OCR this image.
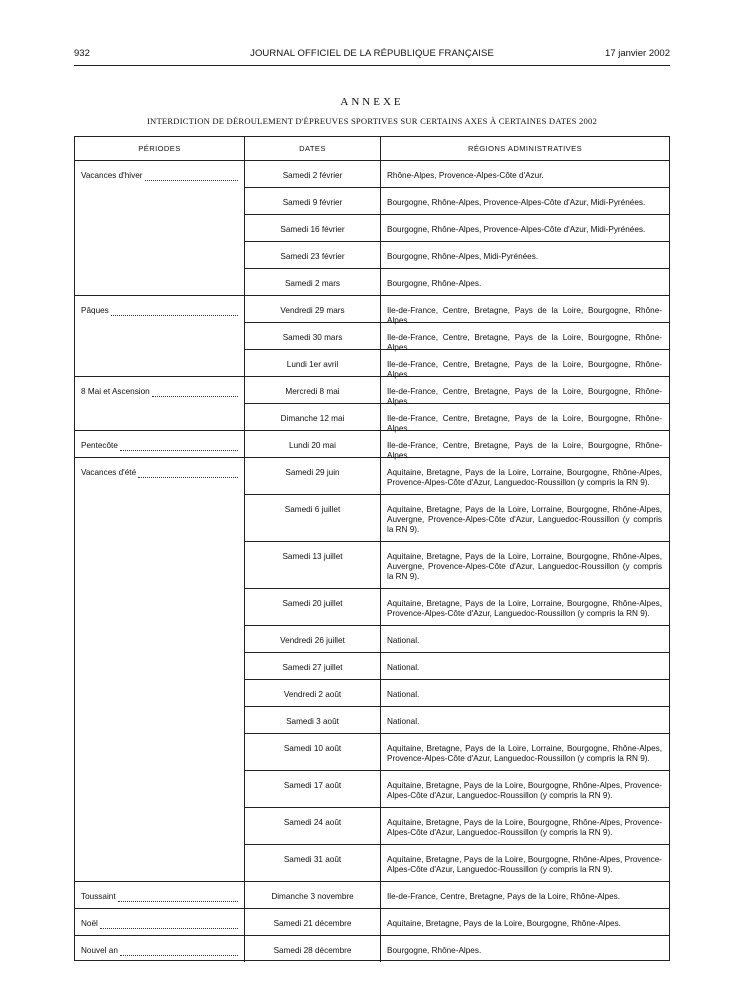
932	JOURNAL OFFICIEL DE LA RÉPUBLIQUE FRANÇAISE	17 janvier 2002
ANNEXE
INTERDICTION DE DÉROULEMENT D'ÉPREUVES SPORTIVES SUR CERTAINS AXES À CERTAINES DATES 2002
PÉRIODES	DATES	RÉGIONS ADMINISTRATIVES
Vacances d'hiver	Samedi 2 février	Rhône-Alpes, Provence-Alpes-Côte d'Azur.
Samedi 9 février	Bourgogne, Rhône-Alpes, Provence-Alpes-Côte d'Azur, Midi-Pyrénées.
Samedi 16 février	Bourgogne, Rhône-Alpes, Provence-Alpes-Côte d'Azur, Midi-Pyrénées.
Samedi 23 février	Bourgogne, Rhône-Alpes, Midi-Pyrénées.
Samedi 2 mars	Bourgogne, Rhône-Alpes.
Pâques	Vendredi 29 mars	Ile-de-France, Centre, Bretagne, Pays de la Loire, Bourgogne, Rhône-Alpes.
Samedi 30 mars	Ile-de-France, Centre, Bretagne, Pays de la Loire, Bourgogne, Rhône-Alpes.
Lundi 1er avril	Ile-de-France, Centre, Bretagne, Pays de la Loire, Bourgogne, Rhône-Alpes.
8 Mai et Ascension	Mercredi 8 mai	Ile-de-France, Centre, Bretagne, Pays de la Loire, Bourgogne, Rhône-Alpes.
Dimanche 12 mai	Ile-de-France, Centre, Bretagne, Pays de la Loire, Bourgogne, Rhône-Alpes.
Pentecôte	Lundi 20 mai	Ile-de-France, Centre, Bretagne, Pays de la Loire, Bourgogne, Rhône-Alpes.
Vacances d'été	Samedi 29 juin	Aquitaine, Bretagne, Pays de la Loire, Lorraine, Bourgogne, Rhône-Alpes, Provence-Alpes-Côte d'Azur, Languedoc-Roussillon (y compris la RN 9).
Samedi 6 juillet	Aquitaine, Bretagne, Pays de la Loire, Lorraine, Bourgogne, Rhône-Alpes, Auvergne, Provence-Alpes-Côte d'Azur, Languedoc-Roussillon (y compris la RN 9).
Samedi 13 juillet	Aquitaine, Bretagne, Pays de la Loire, Lorraine, Bourgogne, Rhône-Alpes, Auvergne, Provence-Alpes-Côte d'Azur, Languedoc-Roussillon (y compris la RN 9).
Samedi 20 juillet	Aquitaine, Bretagne, Pays de la Loire, Lorraine, Bourgogne, Rhône-Alpes, Provence-Alpes-Côte d'Azur, Languedoc-Roussillon (y compris la RN 9).
Vendredi 26 juillet	National.
Samedi 27 juillet	National.
Vendredi 2 août	National.
Samedi 3 août	National.
Samedi 10 août	Aquitaine, Bretagne, Pays de la Loire, Lorraine, Bourgogne, Rhône-Alpes, Provence-Alpes-Côte d'Azur, Languedoc-Roussillon (y compris la RN 9).
Samedi 17 août	Aquitaine, Bretagne, Pays de la Loire, Bourgogne, Rhône-Alpes, Provence-Alpes-Côte d'Azur, Languedoc-Roussillon (y compris la RN 9).
Samedi 24 août	Aquitaine, Bretagne, Pays de la Loire, Bourgogne, Rhône-Alpes, Provence-Alpes-Côte d'Azur, Languedoc-Roussillon (y compris la RN 9).
Samedi 31 août	Aquitaine, Bretagne, Pays de la Loire, Bourgogne, Rhône-Alpes, Provence-Alpes-Côte d'Azur, Languedoc-Roussillon (y compris la RN 9).
Toussaint	Dimanche 3 novembre	Ile-de-France, Centre, Bretagne, Pays de la Loire, Rhône-Alpes.
Noël	Samedi 21 décembre	Aquitaine, Bretagne, Pays de la Loire, Bourgogne, Rhône-Alpes.
Nouvel an	Samedi 28 décembre	Bourgogne, Rhône-Alpes.
